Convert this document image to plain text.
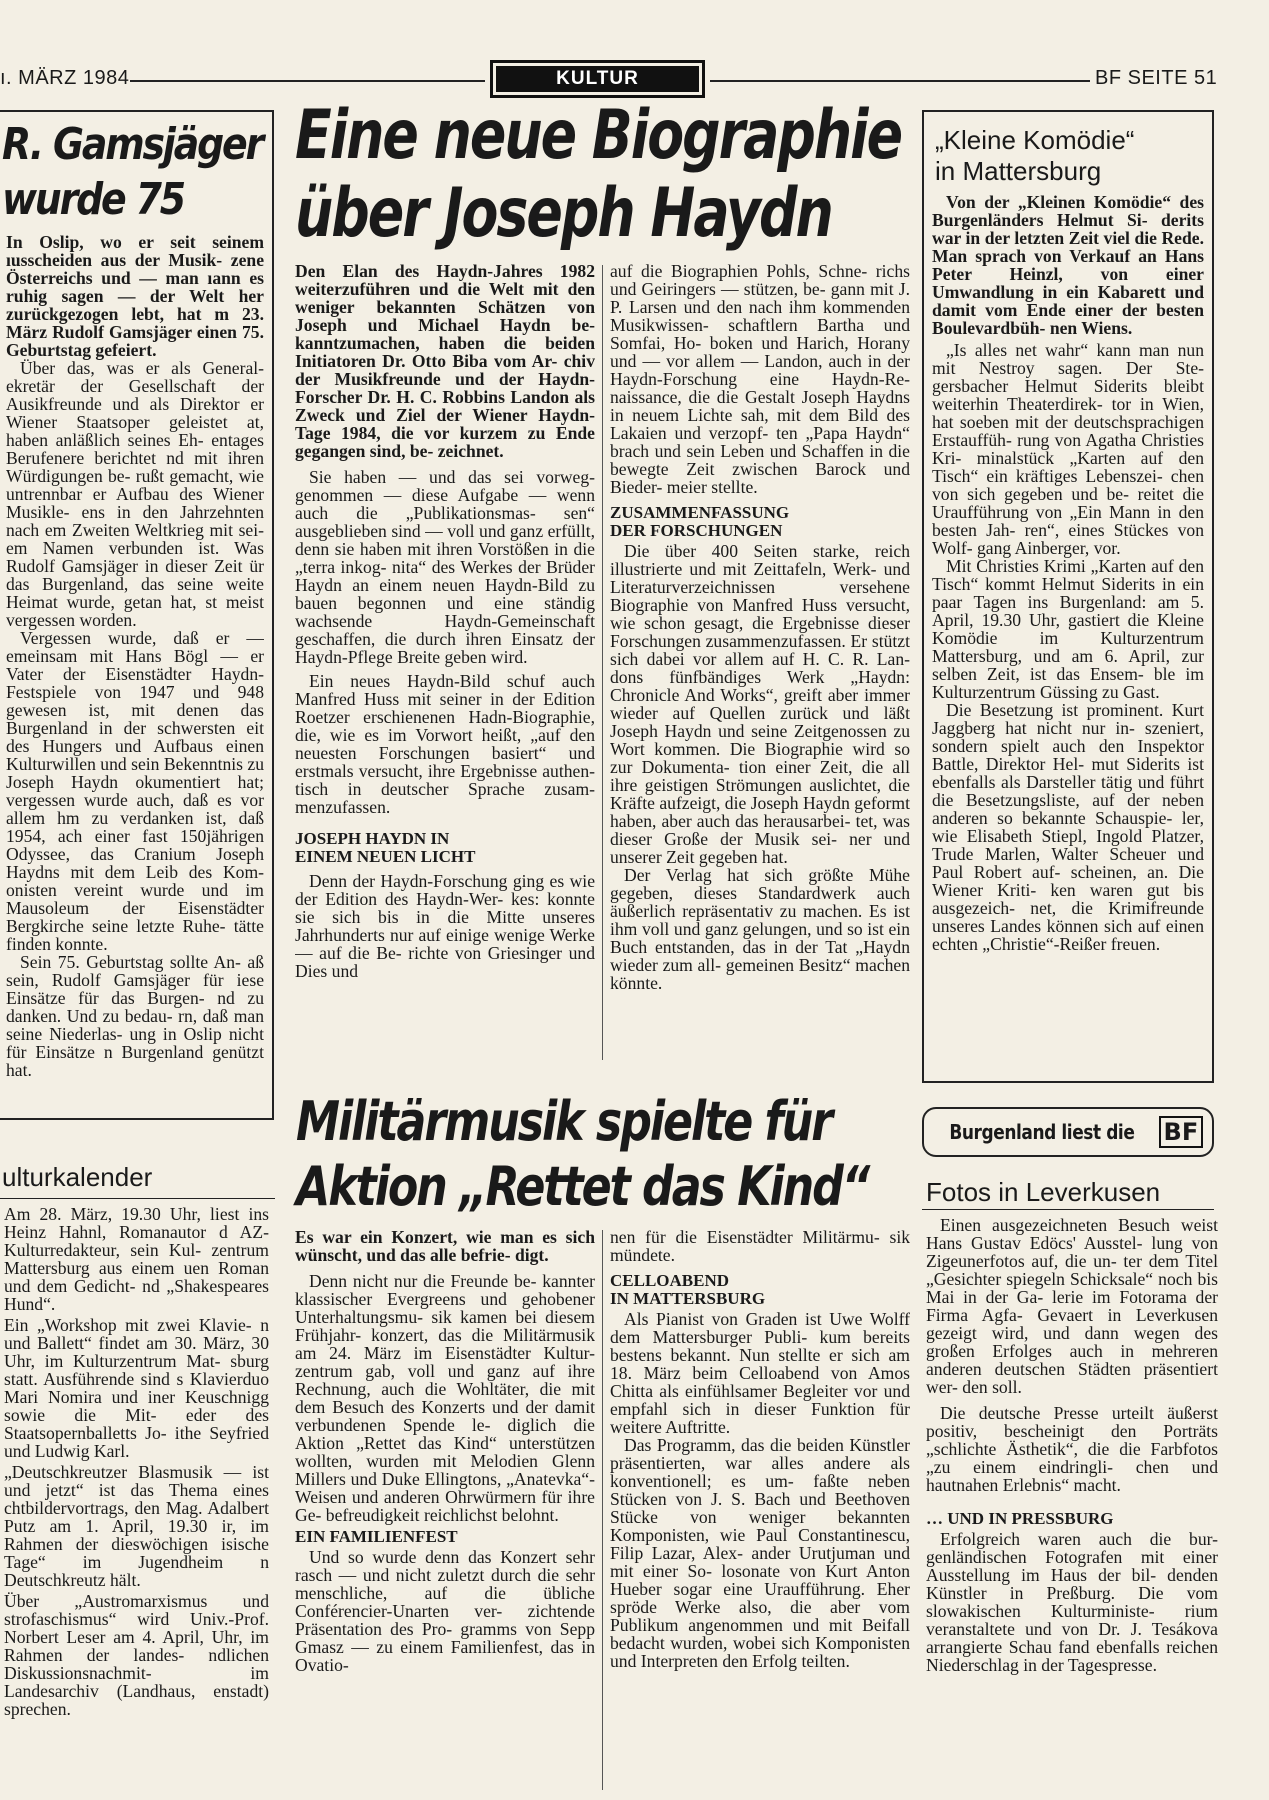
ı. MÄRZ 1984	KULTUR	BF SEITE 51
R. Gamsjäger
wurde 75

In Oslip, wo er seit seinem ıusscheiden aus der Musik- zene Österreichs und — man ıann es ruhig sagen — der Welt her zurückgezogen lebt, hat m 23. März Rudolf Gamsjäger einen 75. Geburtstag gefeiert.

Über das, was er als General- ekretär der Gesellschaft der Ausikfreunde und als Direktor er Wiener Staatsoper geleistet at, haben anläßlich seines Eh- entages Berufenere berichtet nd mit ihren Würdigungen be- rußt gemacht, wie untrennbar er Aufbau des Wiener Musikle- ens in den Jahrzehnten nach em Zweiten Weltkrieg mit sei- em Namen verbunden ist. Was Rudolf Gamsjäger in dieser Zeit ür das Burgenland, das seine weite Heimat wurde, getan hat, st meist vergessen worden.

Vergessen wurde, daß er — emeinsam mit Hans Bögl — er Vater der Eisenstädter Haydn-Festspiele von 1947 und 948 gewesen ist, mit denen das Burgenland in der schwersten eit des Hungers und Aufbaus einen Kulturwillen und sein Bekenntnis zu Joseph Haydn okumentiert hat; vergessen wurde auch, daß es vor allem hm zu verdanken ist, daß 1954, ach einer fast 150jährigen Odyssee, das Cranium Joseph Haydns mit dem Leib des Kom- onisten vereint wurde und im Mausoleum der Eisenstädter Bergkirche seine letzte Ruhe- tätte finden konnte.

Sein 75. Geburtstag sollte An- aß sein, Rudolf Gamsjäger für iese Einsätze für das Burgen- nd zu danken. Und zu bedau- rn, daß man seine Niederlas- ung in Oslip nicht für Einsätze n Burgenland genützt hat.

ulturkalender

Am 28. März, 19.30 Uhr, liest ins Heinz Hahnl, Romanautor d AZ-Kulturredakteur, sein Kul- zentrum Mattersburg aus einem uen Roman und dem Gedicht- nd „Shakespeares Hund“.

Ein „Workshop mit zwei Klavie- n und Ballett“ findet am 30. März, 30 Uhr, im Kulturzentrum Mat- sburg statt. Ausführende sind s Klavierduo Mari Nomira und iner Keuschnigg sowie die Mit- eder des Staatsopernballetts Jo- ithe Seyfried und Ludwig Karl.

„Deutschkreutzer Blasmusik — ist und jetzt“ ist das Thema eines chtbildervortrags, den Mag. Adalbert Putz am 1. April, 19.30 ir, im Rahmen der dieswöchigen isische Tage“ im Jugendheim n Deutschkreutz hält.

Über „Austromarxismus und strofaschismus“ wird Univ.-Prof. Norbert Leser am 4. April, Uhr, im Rahmen der landes- ndlichen Diskussionsnachmit- im Landesarchiv (Landhaus, enstadt) sprechen.

Eine neue Biographie
über Joseph Haydn

Den Elan des Haydn-Jahres 1982 weiterzuführen und die Welt mit den weniger bekannten Schätzen von Joseph und Michael Haydn be- kanntzumachen, haben die beiden Initiatoren Dr. Otto Biba vom Ar- chiv der Musikfreunde und der Haydn-Forscher Dr. H. C. Robbins Landon als Zweck und Ziel der Wiener Haydn-Tage 1984, die vor kurzem zu Ende gegangen sind, be- zeichnet.

Sie haben — und das sei vorweg- genommen — diese Aufgabe — wenn auch die „Publikationsmas- sen“ ausgeblieben sind — voll und ganz erfüllt, denn sie haben mit ihren Vorstößen in die „terra inkog- nita“ des Werkes der Brüder Haydn an einem neuen Haydn-Bild zu bauen begonnen und eine ständig wachsende Haydn-Gemeinschaft geschaffen, die durch ihren Einsatz der Haydn-Pflege Breite geben wird.

Ein neues Haydn-Bild schuf auch Manfred Huss mit seiner in der Edition Roetzer erschienenen Hadn-Biographie, die, wie es im Vorwort heißt, „auf den neuesten Forschungen basiert“ und erstmals versucht, ihre Ergebnisse authen- tisch in deutscher Sprache zusam- menzufassen.

JOSEPH HAYDN IN
EINEM NEUEN LICHT

Denn der Haydn-Forschung ging es wie der Edition des Haydn-Wer- kes: konnte sie sich bis in die Mitte unseres Jahrhunderts nur auf einige wenige Werke — auf die Be- richte von Griesinger und Dies und

auf die Biographien Pohls, Schne- richs und Geiringers — stützen, be- gann mit J. P. Larsen und den nach ihm kommenden Musikwissen- schaftlern Bartha und Somfai, Ho- boken und Harich, Horany und — vor allem — Landon, auch in der Haydn-Forschung eine Haydn-Re- naissance, die die Gestalt Joseph Haydns in neuem Lichte sah, mit dem Bild des Lakaien und verzopf- ten „Papa Haydn“ brach und sein Leben und Schaffen in die bewegte Zeit zwischen Barock und Bieder- meier stellte.

ZUSAMMENFASSUNG
DER FORSCHUNGEN

Die über 400 Seiten starke, reich illustrierte und mit Zeittafeln, Werk- und Literaturverzeichnissen versehene Biographie von Manfred Huss versucht, wie schon gesagt, die Ergebnisse dieser Forschungen zusammenzufassen. Er stützt sich dabei vor allem auf H. C. R. Lan- dons fünfbändiges Werk „Haydn: Chronicle And Works“, greift aber immer wieder auf Quellen zurück und läßt Joseph Haydn und seine Zeitgenossen zu Wort kommen. Die Biographie wird so zur Dokumenta- tion einer Zeit, die all ihre geistigen Strömungen auslichtet, die Kräfte aufzeigt, die Joseph Haydn geformt haben, aber auch das herausarbei- tet, was dieser Große der Musik sei- ner und unserer Zeit gegeben hat.

Der Verlag hat sich größte Mühe gegeben, dieses Standardwerk auch äußerlich repräsentativ zu machen. Es ist ihm voll und ganz gelungen, und so ist ein Buch entstanden, das in der Tat „Haydn wieder zum all- gemeinen Besitz“ machen könnte.

„Kleine Komödie“
in Mattersburg

Von der „Kleinen Komödie“ des Burgenländers Helmut Si- derits war in der letzten Zeit viel die Rede. Man sprach von Verkauf an Hans Peter Heinzl, von einer Umwandlung in ein Kabarett und damit vom Ende einer der besten Boulevardbüh- nen Wiens.

„Is alles net wahr“ kann man nun mit Nestroy sagen. Der Ste- gersbacher Helmut Siderits bleibt weiterhin Theaterdirek- tor in Wien, hat soeben mit der deutschsprachigen Erstauffüh- rung von Agatha Christies Kri- minalstück „Karten auf den Tisch“ ein kräftiges Lebenszei- chen von sich gegeben und be- reitet die Uraufführung von „Ein Mann in den besten Jah- ren“, eines Stückes von Wolf- gang Ainberger, vor.

Mit Christies Krimi „Karten auf den Tisch“ kommt Helmut Siderits in ein paar Tagen ins Burgenland: am 5. April, 19.30 Uhr, gastiert die Kleine Komödie im Kulturzentrum Mattersburg, und am 6. April, zur selben Zeit, ist das Ensem- ble im Kulturzentrum Güssing zu Gast.

Die Besetzung ist prominent. Kurt Jaggberg hat nicht nur in- szeniert, sondern spielt auch den Inspektor Battle, Direktor Hel- mut Siderits ist ebenfalls als Darsteller tätig und führt die Besetzungsliste, auf der neben anderen so bekannte Schauspie- ler, wie Elisabeth Stiepl, Ingold Platzer, Trude Marlen, Walter Scheuer und Paul Robert auf- scheinen, an. Die Wiener Kriti- ken waren gut bis ausgezeich- net, die Krimifreunde unseres Landes können sich auf einen echten „Christie“-Reißer freuen.

Militärmusik spielte für
Aktion „Rettet das Kind“

Es war ein Konzert, wie man es sich wünscht, und das alle befrie- digt.

Denn nicht nur die Freunde be- kannter klassischer Evergreens und gehobener Unterhaltungsmu- sik kamen bei diesem Frühjahr- konzert, das die Militärmusik am 24. März im Eisenstädter Kultur- zentrum gab, voll und ganz auf ihre Rechnung, auch die Wohltäter, die mit dem Besuch des Konzerts und der damit verbundenen Spende le- diglich die Aktion „Rettet das Kind“ unterstützen wollten, wurden mit Melodien Glenn Millers und Duke Ellingtons, „Anatevka“-Weisen und anderen Ohrwürmern für ihre Ge- befreudigkeit reichlichst belohnt.

EIN FAMILIENFEST

Und so wurde denn das Konzert sehr rasch — und nicht zuletzt durch die sehr menschliche, auf die übliche Conférencier-Unarten ver- zichtende Präsentation des Pro- gramms von Sepp Gmasz — zu einem Familienfest, das in Ovatio-

nen für die Eisenstädter Militärmu- sik mündete.

CELLOABEND
IN MATTERSBURG

Als Pianist von Graden ist Uwe Wolff dem Mattersburger Publi- kum bereits bestens bekannt. Nun stellte er sich am 18. März beim Celloabend von Amos Chitta als einfühlsamer Begleiter vor und empfahl sich in dieser Funktion für weitere Auftritte.

Das Programm, das die beiden Künstler präsentierten, war alles andere als konventionell; es um- faßte neben Stücken von J. S. Bach und Beethoven Stücke von weniger bekannten Komponisten, wie Paul Constantinescu, Filip Lazar, Alex- ander Urutjuman und mit einer So- losonate von Kurt Anton Hueber sogar eine Uraufführung. Eher spröde Werke also, die aber vom Publikum angenommen und mit Beifall bedacht wurden, wobei sich Komponisten und Interpreten den Erfolg teilten.

Burgenland liest die BF
Fotos in Leverkusen

Einen ausgezeichneten Besuch weist Hans Gustav Edöcs' Ausstel- lung von Zigeunerfotos auf, die un- ter dem Titel „Gesichter spiegeln Schicksale“ noch bis Mai in der Ga- lerie im Fotorama der Firma Agfa- Gevaert in Leverkusen gezeigt wird, und dann wegen des großen Erfolges auch in mehreren anderen deutschen Städten präsentiert wer- den soll.

Die deutsche Presse urteilt äußerst positiv, bescheinigt den Porträts „schlichte Ästhetik“, die die Farbfotos „zu einem eindringli- chen und hautnahen Erlebnis“ macht.

… UND IN PRESSBURG

Erfolgreich waren auch die bur- genländischen Fotografen mit einer Ausstellung im Haus der bil- denden Künstler in Preßburg. Die vom slowakischen Kulturministe- rium veranstaltete und von Dr. J. Tesákova arrangierte Schau fand ebenfalls reichen Niederschlag in der Tagespresse.
